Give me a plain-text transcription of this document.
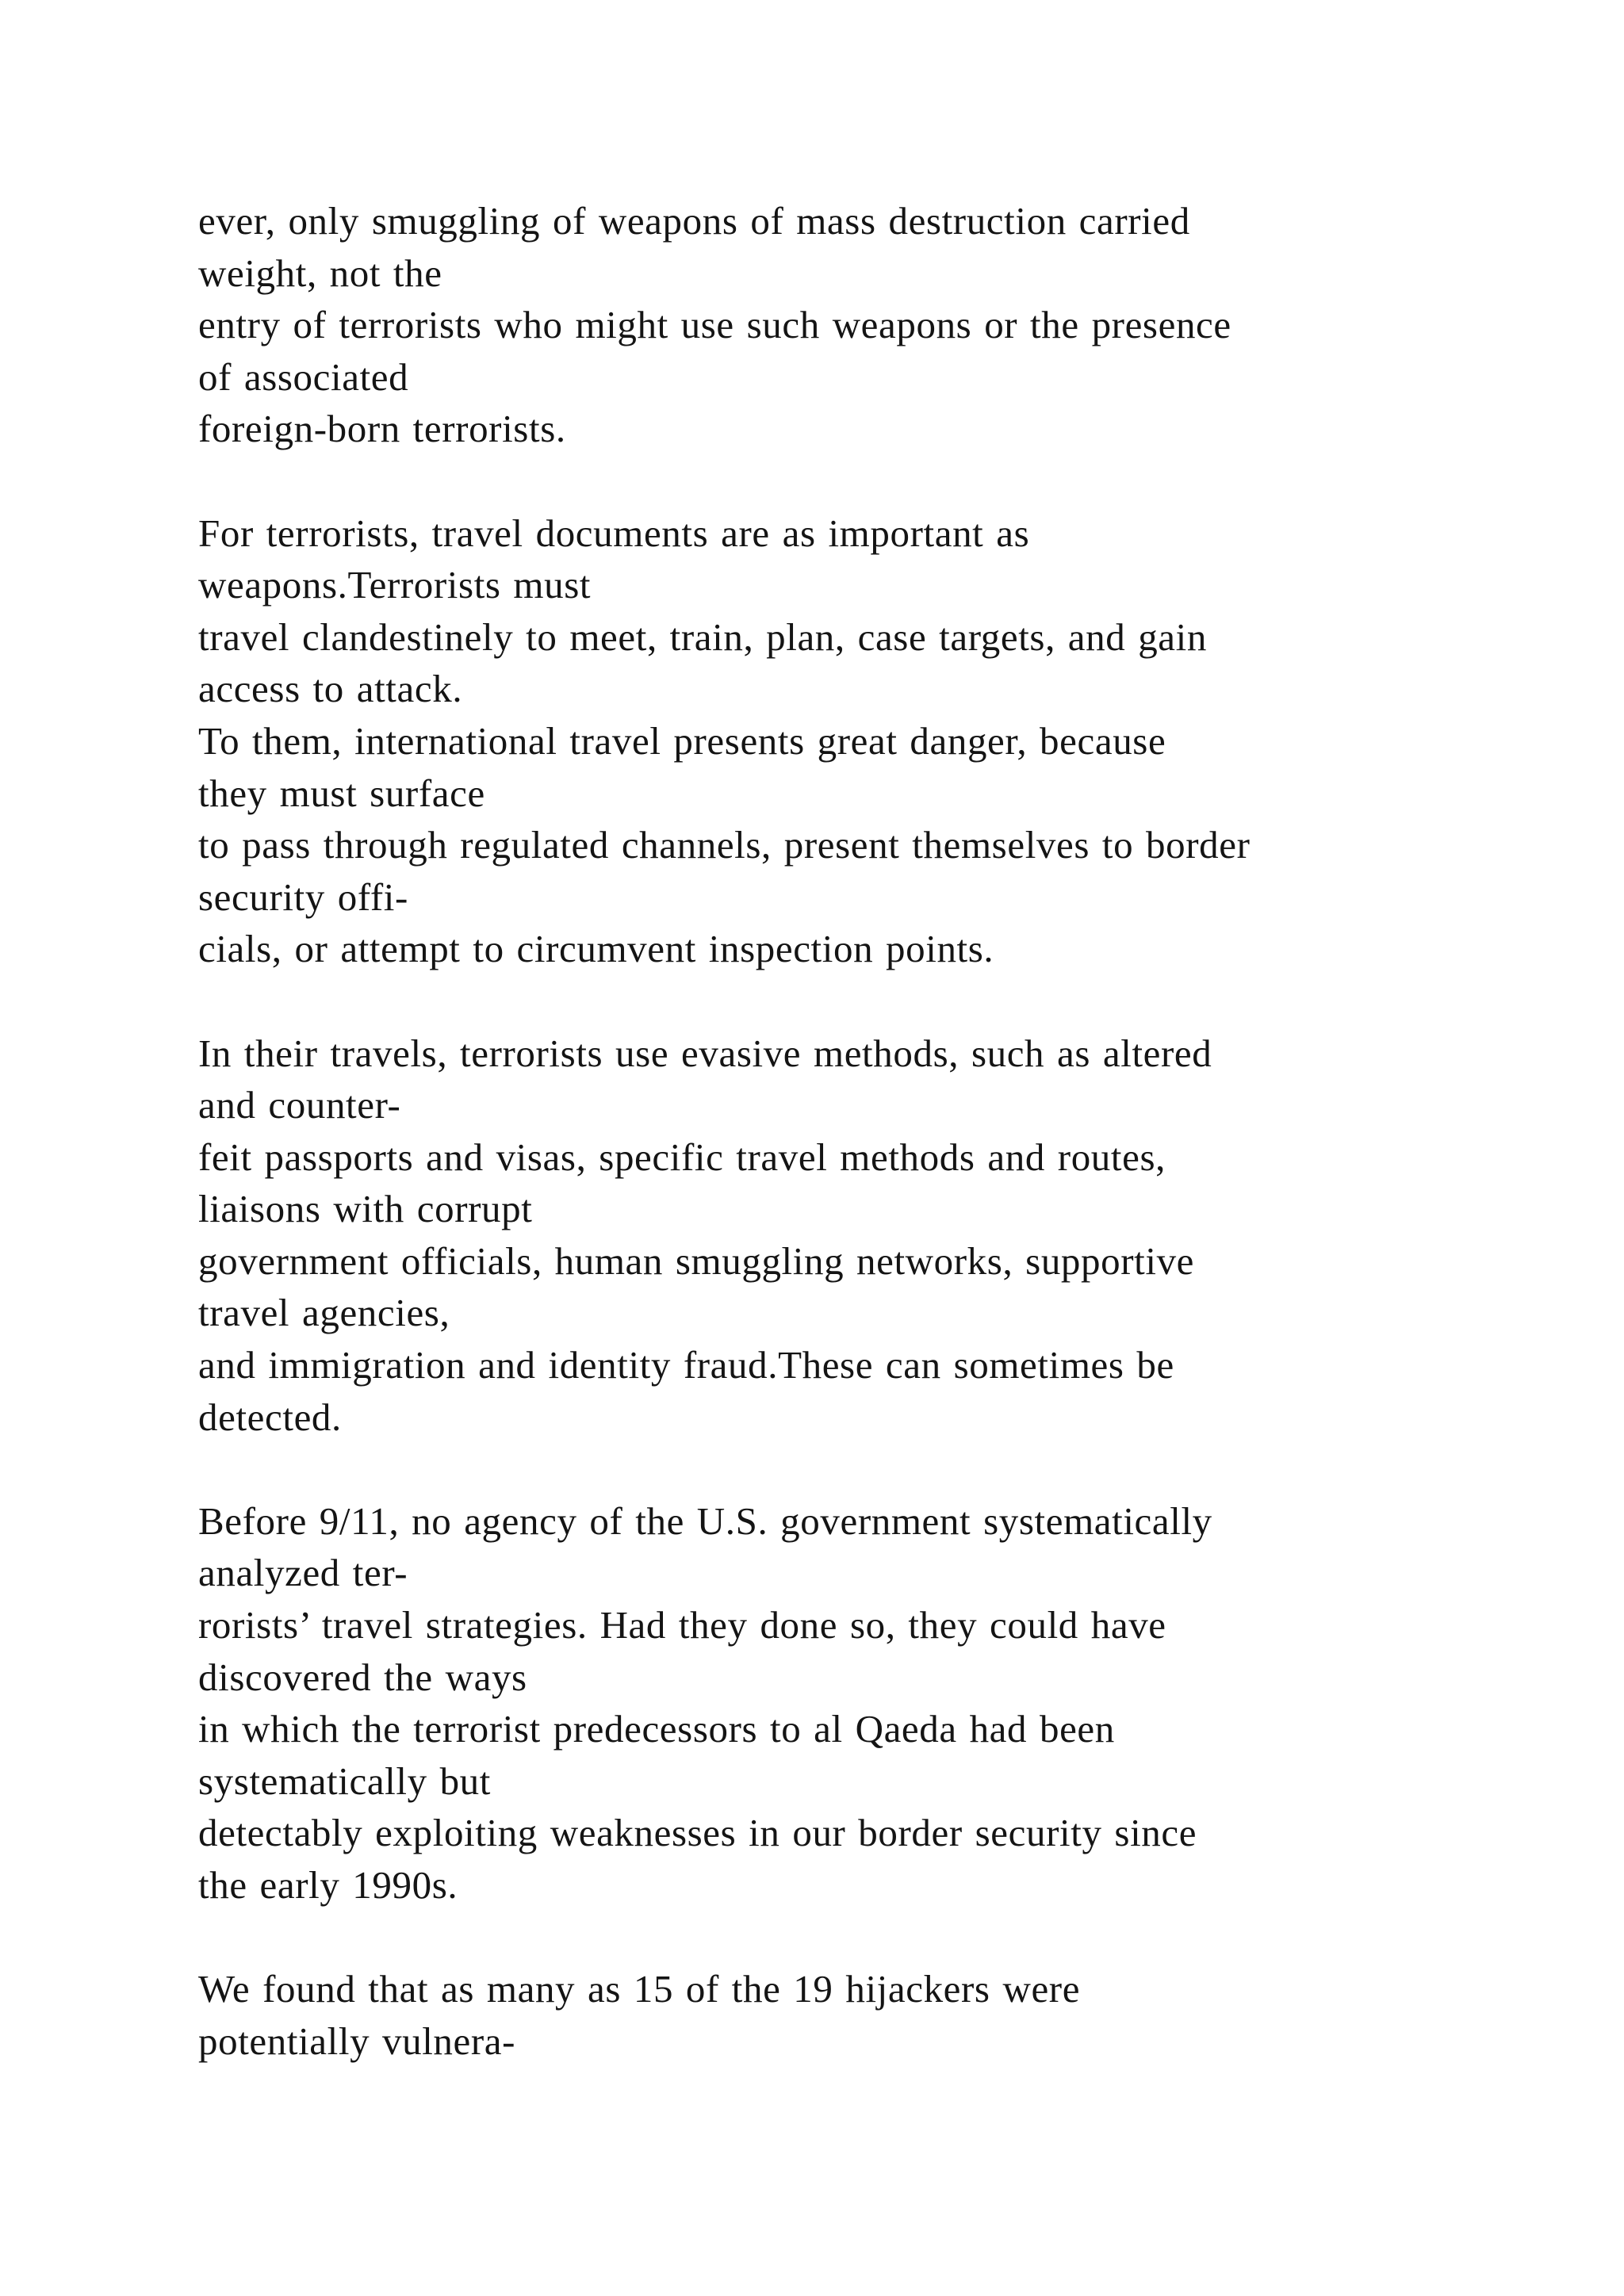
ever, only smuggling of weapons of mass destruction carried
weight, not the
entry of terrorists who might use such weapons or the presence
of associated
foreign-born terrorists.
For terrorists, travel documents are as important as
weapons.Terrorists must
travel clandestinely to meet, train, plan, case targets, and gain
access to attack.
To them, international travel presents great danger, because
they must surface
to pass through regulated channels, present themselves to border
security offi-
cials, or attempt to circumvent inspection points.
In their travels, terrorists use evasive methods, such as altered
and counter-
feit passports and visas, specific travel methods and routes,
liaisons with corrupt
government officials, human smuggling networks, supportive
travel agencies,
and immigration and identity fraud.These can sometimes be
detected.
Before 9/11, no agency of the U.S. government systematically
analyzed ter-
rorists’ travel strategies. Had they done so, they could have
discovered the ways
in which the terrorist predecessors to al Qaeda had been
systematically but
detectably exploiting weaknesses in our border security since
the early 1990s.
We found that as many as 15 of the 19 hijackers were
potentially vulnera-
